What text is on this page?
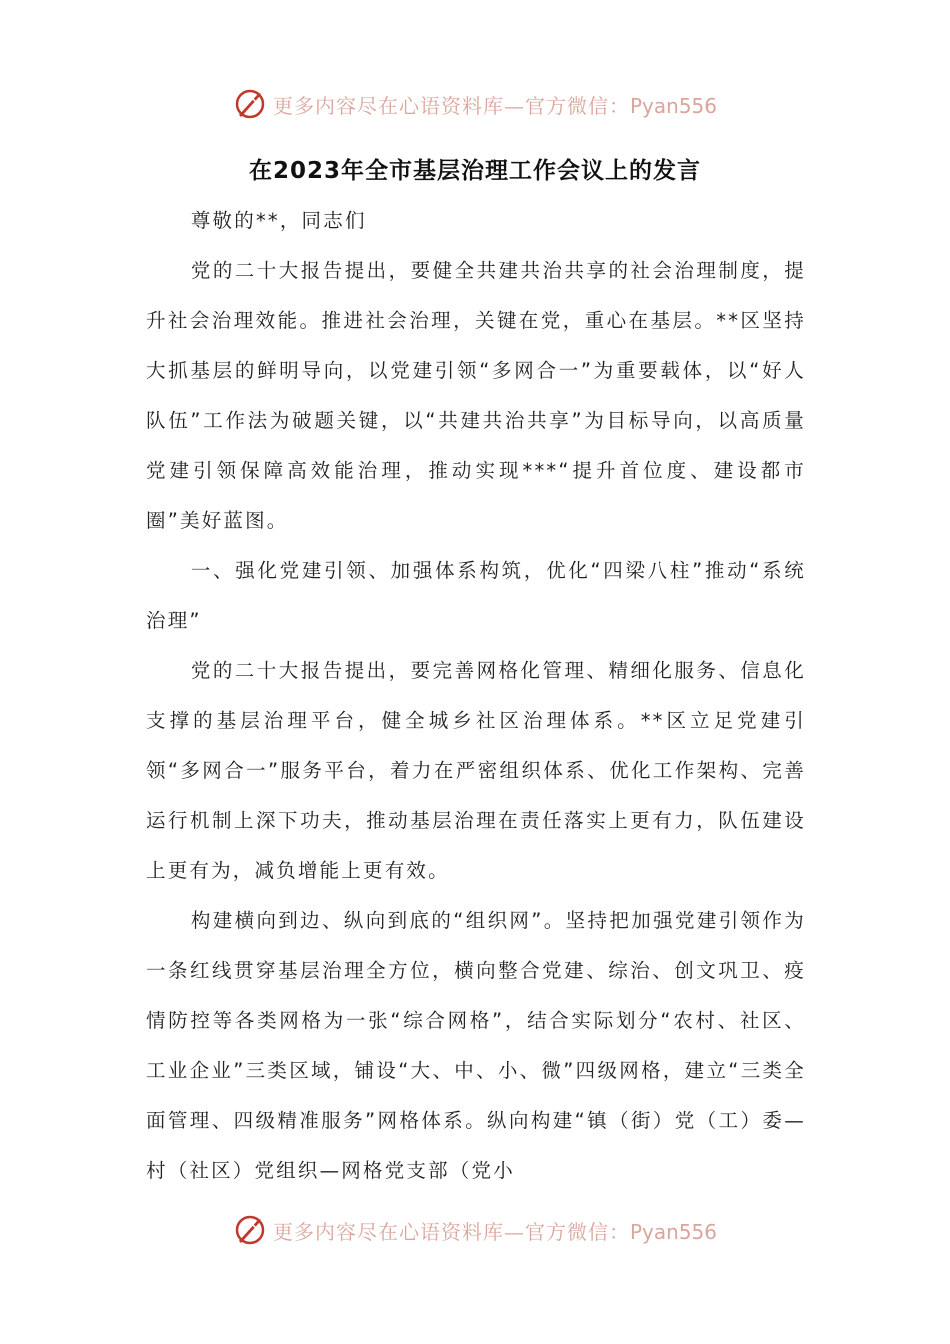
更多内容尽在心语资料库—官方微信：Pyan556
在2023年全市基层治理工作会议上的发言

尊敬的**，同志们

党的二十大报告提出，要健全共建共治共享的社会治理制度，提升社会治理效能。推进社会治理，关键在党，重心在基层。**区坚持大抓基层的鲜明导向，以党建引领“多网合一”为重要载体，以“好人队伍”工作法为破题关键，以“共建共治共享”为目标导向，以高质量党建引领保障高效能治理，推动实现***“提升首位度、建设都市圈”美好蓝图。

一、强化党建引领、加强体系构筑，优化“四梁八柱”推动“系统治理”

党的二十大报告提出，要完善网格化管理、精细化服务、信息化支撑的基层治理平台，健全城乡社区治理体系。**区立足党建引领“多网合一”服务平台，着力在严密组织体系、优化工作架构、完善运行机制上深下功夫，推动基层治理在责任落实上更有力，队伍建设上更有为，减负增能上更有效。

构建横向到边、纵向到底的“组织网”。坚持把加强党建引领作为一条红线贯穿基层治理全方位，横向整合党建、综治、创文巩卫、疫情防控等各类网格为一张“综合网格”，结合实际划分“农村、社区、工业企业”三类区域，铺设“大、中、小、微”四级网格，建立“三类全面管理、四级精准服务”网格体系。纵向构建“镇（街）党（工）委—村（社区）党组织—网格党支部（党小

更多内容尽在心语资料库—官方微信：Pyan556
